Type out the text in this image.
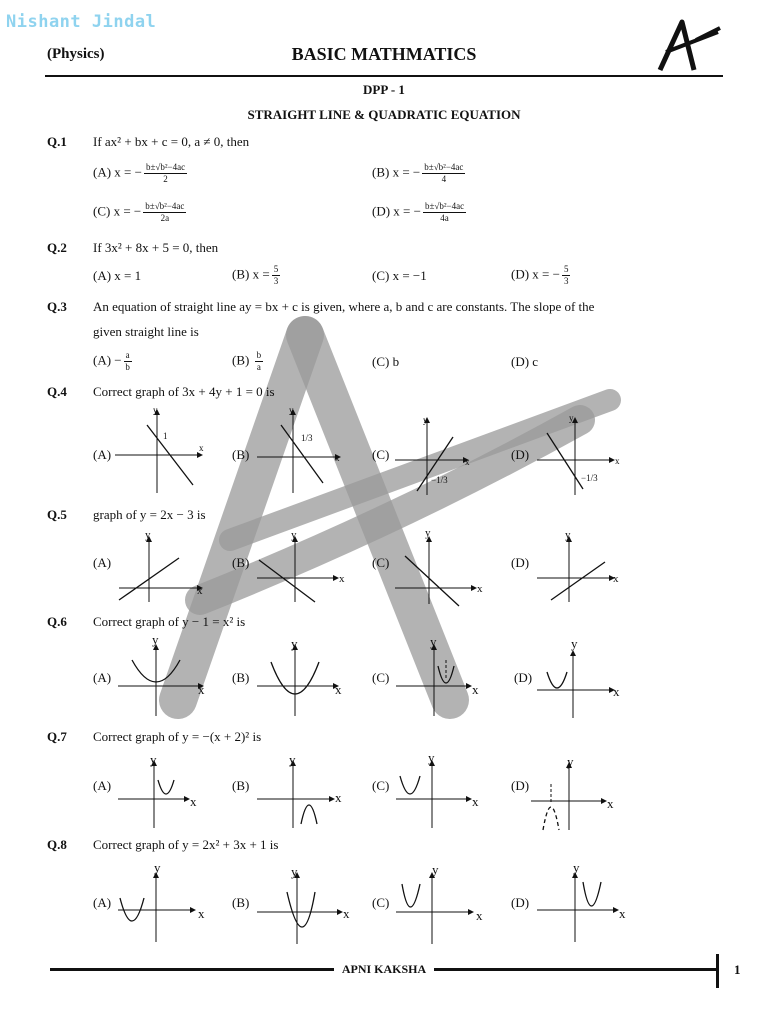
Nishant Jindal
(Physics)	BASIC MATHMATICS
DPP - 1
STRAIGHT LINE & QUADRATIC EQUATION
Q.1 If ax² + bx + c = 0, a ≠ 0, then
(A) x = − $\frac{\text{b±√b²−4ac}}{2}$	(B) x = − $\frac{\text{b±√b²−4ac}}{4}$
(C) x = − $\frac{\text{b±√b²−4ac}}{2a}$	(D) x = − $\frac{\text{b±√b²−4ac}}{4a}$
Q.2 If 3x² + 8x + 5 = 0, then
(A) x = 1	(B) $x = \frac{5}{3}$	(C) x = −1	(D) x = − $\frac{5}{3}$
Q.3 An equation of straight line ay = bx + c is given, where a, b and c are constants. The slope of the
given straight line is
$(A) - \frac{a}{b}$	$(B) \frac{b}{a}$	(C) b	(D) c
Q.4 Correct graph of 3x + 4y + 1 = 0 is
(A)	(B)	(C)	(D)
y
x
1
y
x
1/3
y
x
−1/3
y
x
−1/3
Q.5 graph of y = 2x − 3 is
(A)	(B)	(C)	(D)
y
x
y
x
y
x
y
x
Q.6 Correct graph of y − 1 = x² is
(A)	(B)	(C)	(D)
y
x
y
x
y
x
y
x
Q.7 Correct graph of y = −(x + 2)² is
(A)	(B)	(C)	(D)
y
x
y
x
y
x
y
x
Q.8 Correct graph of y = 2x² + 3x + 1 is
(A)	(B)	(C)	(D)
y
x
y
x
y
x
y
x
APNI KAKSHA	1
